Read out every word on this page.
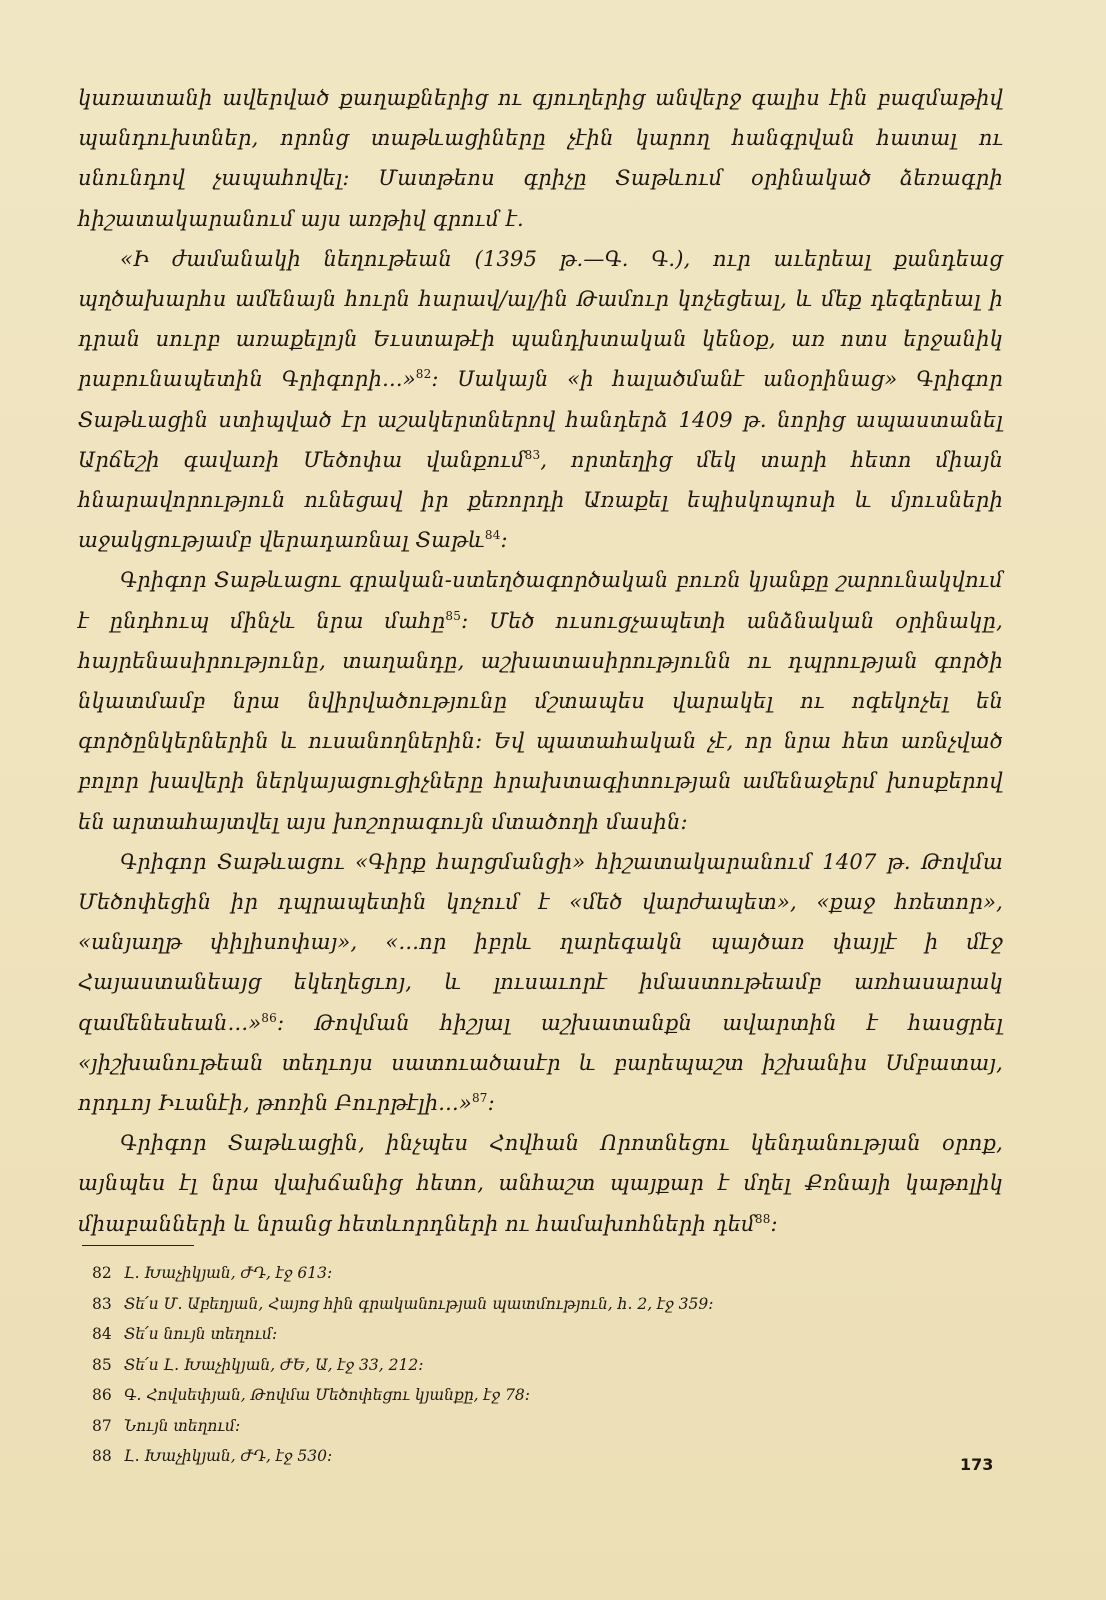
կառատանի ավերված քաղաքներից ու գյուղերից անվերջ գալիս էին բազմաթիվ պանդուխտներ, որոնց տաթևացիները չէին կարող հանգրվան հատալ ու սնունդով չապահովել։ Մատթեոս գրիչը Տաթևում օրինակած ձեռագրի հիշատակարանում այս առթիվ գրում է.

«Ի ժամանակի նեղութեան (1395 թ.—Գ. Գ.), ուր աւերեալ քանդեաց պղծախարհս ամենայն հուրն հարավ/ալ/ին Թամուր կոչեցեալ, և մեք դեգերեալ ի դրան սուրբ առաքելոյն Եւստաթէի պանդխտական կենօք, առ ոտս երջանիկ րաբունապետին Գրիգորի...»$^{82}$։ Սակայն «ի հալածմանէ անօրինաց» Գրիգոր Տաթևացին ստիպված էր աշակերտներով հանդերձ 1409 թ. նորից ապաստանել Արճեշի գավառի Մեծոփա վանքում$^{83}$, որտեղից մեկ տարի հետո միայն հնարավորություն ունեցավ իր քեռորդի Առաքել եպիսկոպոսի և մյուսների աջակցությամբ վերադառնալ Տաթև$^{84}$։

Գրիգոր Տաթևացու գրական-ստեղծագործական բուռն կյանքը շարունակվում է ընդհուպ մինչև նրա մահը$^{85}$։ Մեծ ուսուցչապետի անձնական օրինակը, հայրենասիրությունը, տաղանդը, աշխատասիրությունն ու դպրության գործի նկատմամբ նրա նվիրվածությունը մշտապես վարակել ու ոգեկոչել են գործընկերներին և ուսանողներին։ Եվ պատահական չէ, որ նրա հետ առնչված բոլոր խավերի ներկայացուցիչները հրախտագիտության ամենաջերմ խոսքերով են արտահայտվել այս խոշորագույն մտածողի մասին։

Գրիգոր Տաթևացու «Գիրք հարցմանցի» հիշատակարանում 1407 թ. Թովմա Մեծոփեցին իր դպրապետին կոչում է «մեծ վարժապետ», «քաջ հռետոր», «անյաղթ փիլիսոփայ», «...որ իբրև ղարեգակն պայծառ փայլէ ի մէջ Հայաստանեայց եկեղեցւոյ, և լուսաւորէ իմաստութեամբ առհասարակ զամենեսեան...»$^{86}$։ Թովման հիշյալ աշխատանքն ավարտին է հասցրել «յիշխանութեան տեղւոյս սատուածասէր և բարեպաշտ իշխանիս Սմբատայ, որդւոյ Իւանէի, թոռին Բուրթէլի...»$^{87}$։

Գրիգոր Տաթևացին, ինչպես Հովհան Որոտնեցու կենդանության օրոք, այնպես էլ նրա վախճանից հետո, անհաշտ պայքար է մղել Քռնայի կաթոլիկ միաբանների և նրանց հետևորդների ու համախոհների դեմ$^{88}$։

82 Լ. Խաչիկյան, ԺԴ, էջ 613։
83 Տե՛ս Մ. Աբեղյան, Հայոց հին գրականության պատմություն, հ. 2, էջ 359։
84 Տե՛ս նույն տեղում։
85 Տե՛ս Լ. Խաչիկյան, ԺԵ, Ա, էջ 33, 212։
86 Գ. Հովսեփյան, Թովմա Մեծոփեցու կյանքը, էջ 78։
87 Նույն տեղում։
88 Լ. Խաչիկյան, ԺԴ, էջ 530։	173
